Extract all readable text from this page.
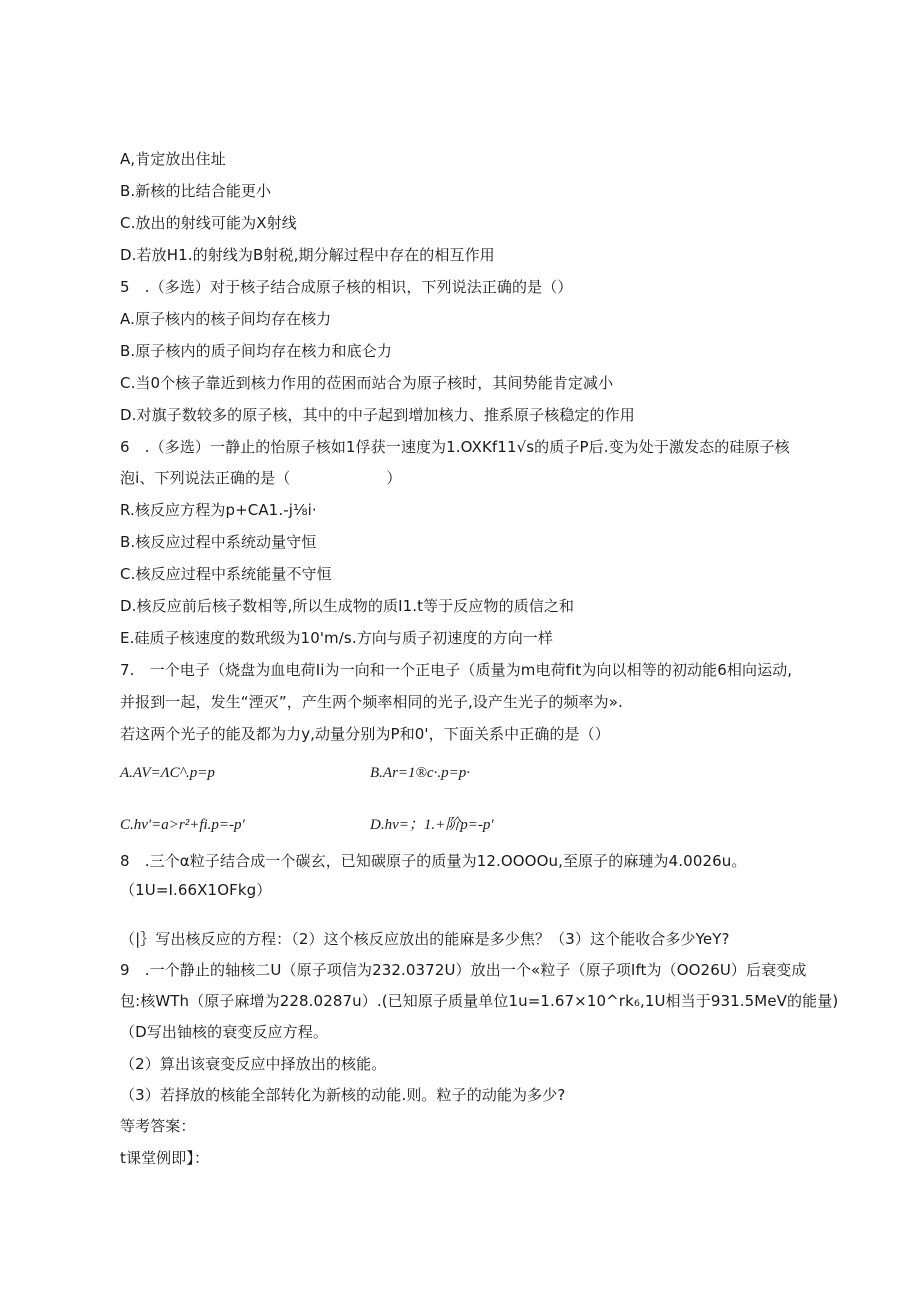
A,肯定放出住址
B.新核的比结合能更小
C.放出的射线可能为X射线
D.若放H1.的射线为B射税,期分解过程中存在的相互作用
5　.（多选）对于核子结合成原子核的相识，下列说法正确的是（）
A.原子核内的核子间均存在核力
B.原子核内的质子间均存在核力和底仑力
C.当0个核子靠近到核力作用的莅困而站合为原子核时，其间势能肯定减小
D.对旗子数较多的原子核，其中的中子起到增加核力、推系原子核稳定的作用
6　.（多选）一静止的怡原子核如1俘获一速度为1.OXKf11√s的质子P后.变为处于激发态的硅原子核
泡i、下列说法正确的是（	）
R.核反应方程为p+CA1.-j⅛i·
B.核反应过程中系统动量守恒
C.核反应过程中系统能量不守恒
D.核反应前后核子数相等,所以生成物的质I1.t等于反应物的质信之和
E.硅质子核速度的数玳级为10'm∕s.方向与质子初速度的方向一样
7.　一个电子（烧盘为血电荷Ii为一向和一个正电子（质量为m电荷fit为向以相等的初动能6相向运动,
并报到一起，发生“湮灭”，产生两个频率相同的光子,设产生光子的频率为».
若这两个光子的能及都为力y,动量分别为P和0'，下面关系中正确的是（）
A.AV=ΛC^.p=p	B.Ar=1®c·.p=p·
C.hv'=a>r²+fi.p=-p'	D.hv=；1.+阶p=-p'
8　.三个α粒子结合成一个碳玄，已知碳原子的质量为12.OOOOu,至原子的麻璉为4.0026u。
（1U=I.66X1OFkg）
（|｝写出核反应的方程：（2）这个核反应放出的能麻是多少焦？（3）这个能收合多少YeY?
9　.一个静止的轴核二U（原子项信为232.0372U）放出一个«粒子（原子项Ift为（OO26U）后衰变成
包:核WTh（原子麻增为228.0287u）.(已知原子质量单位1u=1.67×10^rk₆,1U相当于931.5MeV的能量)
（D写出铀核的衰变反应方程。
（2）算出该衰变反应中择放出的核能。
（3）若择放的核能全部转化为新核的动能.则。粒子的动能为多少?
等考答案：
t课堂例即】：
